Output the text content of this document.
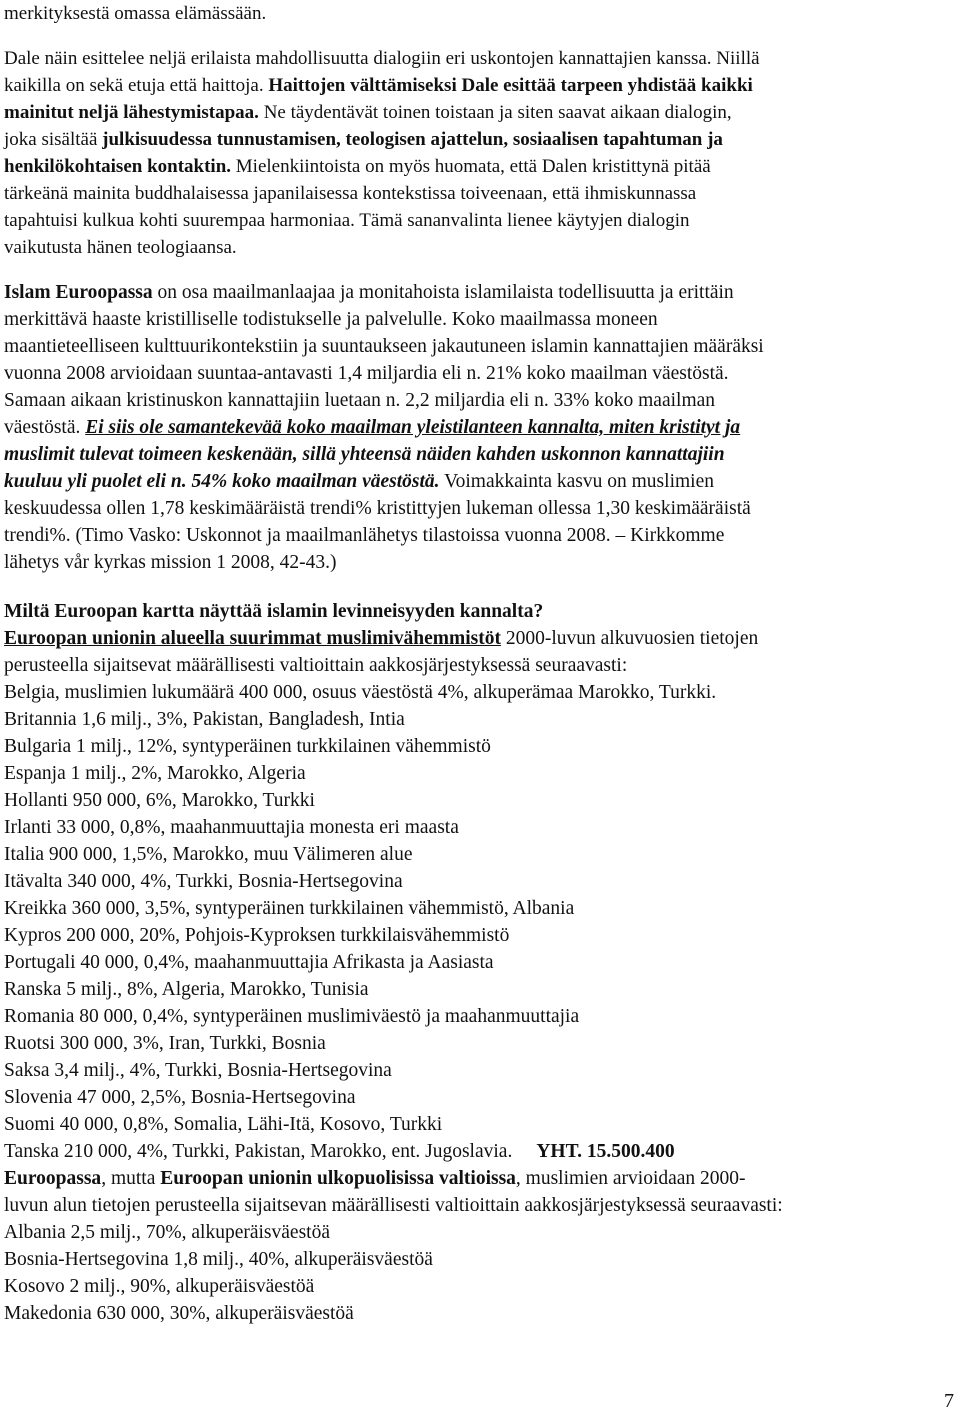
merkityksestä omassa elämässään.
Dale näin esittelee neljä erilaista mahdollisuutta dialogiin eri uskontojen kannattajien kanssa. Niillä
kaikilla on sekä etuja että haittoja. Haittojen välttämiseksi Dale esittää tarpeen yhdistää kaikki
mainitut neljä lähestymistapaa. Ne täydentävät toinen toistaan ja siten saavat aikaan dialogin,
joka sisältää julkisuudessa tunnustamisen, teologisen ajattelun, sosiaalisen tapahtuman ja
henkilökohtaisen kontaktin. Mielenkiintoista on myös huomata, että Dalen kristittynä pitää
tärkeänä mainita buddhalaisessa japanilaisessa kontekstissa toiveenaan, että ihmiskunnassa
tapahtuisi kulkua kohti suurempaa harmoniaa. Tämä sananvalinta lienee käytyjen dialogin
vaikutusta hänen teologiaansa.
Islam Euroopassa on osa maailmanlaajaa ja monitahoista islamilaista todellisuutta ja erittäin
merkittävä haaste kristilliselle todistukselle ja palvelulle. Koko maailmassa moneen
maantieteelliseen kulttuurikontekstiin ja suuntaukseen jakautuneen islamin kannattajien määräksi
vuonna 2008 arvioidaan suuntaa-antavasti 1,4 miljardia eli n. 21% koko maailman väestöstä.
Samaan aikaan kristinuskon kannattajiin luetaan n. 2,2 miljardia eli n. 33% koko maailman
väestöstä. Ei siis ole samantekevää koko maailman yleistilanteen kannalta, miten kristityt ja
muslimit tulevat toimeen keskenään, sillä yhteensä näiden kahden uskonnon kannattajiin
kuuluu yli puolet eli n. 54% koko maailman väestöstä. Voimakkainta kasvu on muslimien
keskuudessa ollen 1,78 keskimääräistä trendi% kristittyjen lukeman ollessa 1,30 keskimääräistä
trendi%. (Timo Vasko: Uskonnot ja maailmanlähetys tilastoissa vuonna 2008. – Kirkkomme
lähetys vår kyrkas mission 1 2008, 42-43.)
Miltä Euroopan kartta näyttää islamin levinneisyyden kannalta?
Euroopan unionin alueella suurimmat muslimivähemmistöt 2000-luvun alkuvuosien tietojen
perusteella sijaitsevat määrällisesti valtioittain aakkosjärjestyksessä seuraavasti:
Belgia, muslimien lukumäärä 400 000, osuus väestöstä 4%, alkuperämaa Marokko, Turkki.
Britannia 1,6 milj., 3%, Pakistan, Bangladesh, Intia
Bulgaria 1 milj., 12%, syntyperäinen turkkilainen vähemmistö
Espanja 1 milj., 2%, Marokko, Algeria
Hollanti 950 000, 6%, Marokko, Turkki
Irlanti 33 000, 0,8%, maahanmuuttajia monesta eri maasta
Italia 900 000, 1,5%, Marokko, muu Välimeren alue
Itävalta 340 000, 4%, Turkki, Bosnia-Hertsegovina
Kreikka 360 000, 3,5%, syntyperäinen turkkilainen vähemmistö, Albania
Kypros 200 000, 20%, Pohjois-Kyproksen turkkilaisvähemmistö
Portugali 40 000, 0,4%, maahanmuuttajia Afrikasta ja Aasiasta
Ranska 5 milj., 8%, Algeria, Marokko, Tunisia
Romania 80 000, 0,4%, syntyperäinen muslimiväestö ja maahanmuuttajia
Ruotsi 300 000, 3%, Iran, Turkki, Bosnia
Saksa 3,4 milj., 4%, Turkki, Bosnia-Hertsegovina
Slovenia 47 000, 2,5%, Bosnia-Hertsegovina
Suomi 40 000, 0,8%, Somalia, Lähi-Itä, Kosovo, Turkki
Tanska 210 000, 4%, Turkki, Pakistan, Marokko, ent. Jugoslavia. YHT. 15.500.400
Euroopassa, mutta Euroopan unionin ulkopuolisissa valtioissa, muslimien arvioidaan 2000-
luvun alun tietojen perusteella sijaitsevan määrällisesti valtioittain aakkosjärjestyksessä seuraavasti:
Albania 2,5 milj., 70%, alkuperäisväestöä
Bosnia-Hertsegovina 1,8 milj., 40%, alkuperäisväestöä
Kosovo 2 milj., 90%, alkuperäisväestöä
Makedonia 630 000, 30%, alkuperäisväestöä
7
